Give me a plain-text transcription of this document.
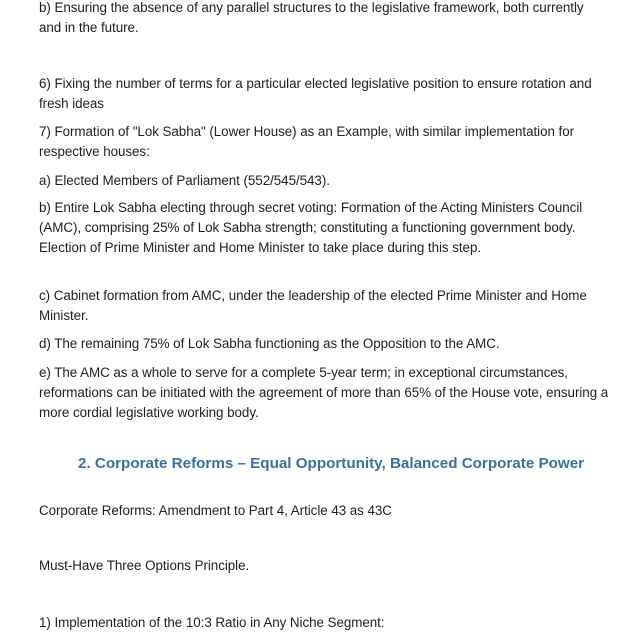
b) Ensuring the absence of any parallel structures to the legislative framework, both currently and in the future.

6) Fixing the number of terms for a particular elected legislative position to ensure rotation and fresh ideas

7) Formation of "Lok Sabha" (Lower House) as an Example, with similar implementation for respective houses:

a) Elected Members of Parliament (552/545/543).

b) Entire Lok Sabha electing through secret voting: Formation of the Acting Ministers Council (AMC), comprising 25% of Lok Sabha strength; constituting a functioning government body. Election of Prime Minister and Home Minister to take place during this step.

c) Cabinet formation from AMC, under the leadership of the elected Prime Minister and Home Minister.

d) The remaining 75% of Lok Sabha functioning as the Opposition to the AMC.

e) The AMC as a whole to serve for a complete 5-year term; in exceptional circumstances, reformations can be initiated with the agreement of more than 65% of the House vote, ensuring a more cordial legislative working body.

2. Corporate Reforms – Equal Opportunity, Balanced Corporate Power

Corporate Reforms: Amendment to Part 4, Article 43 as 43C

Must-Have Three Options Principle.

1) Implementation of the 10:3 Ratio in Any Niche Segment:
